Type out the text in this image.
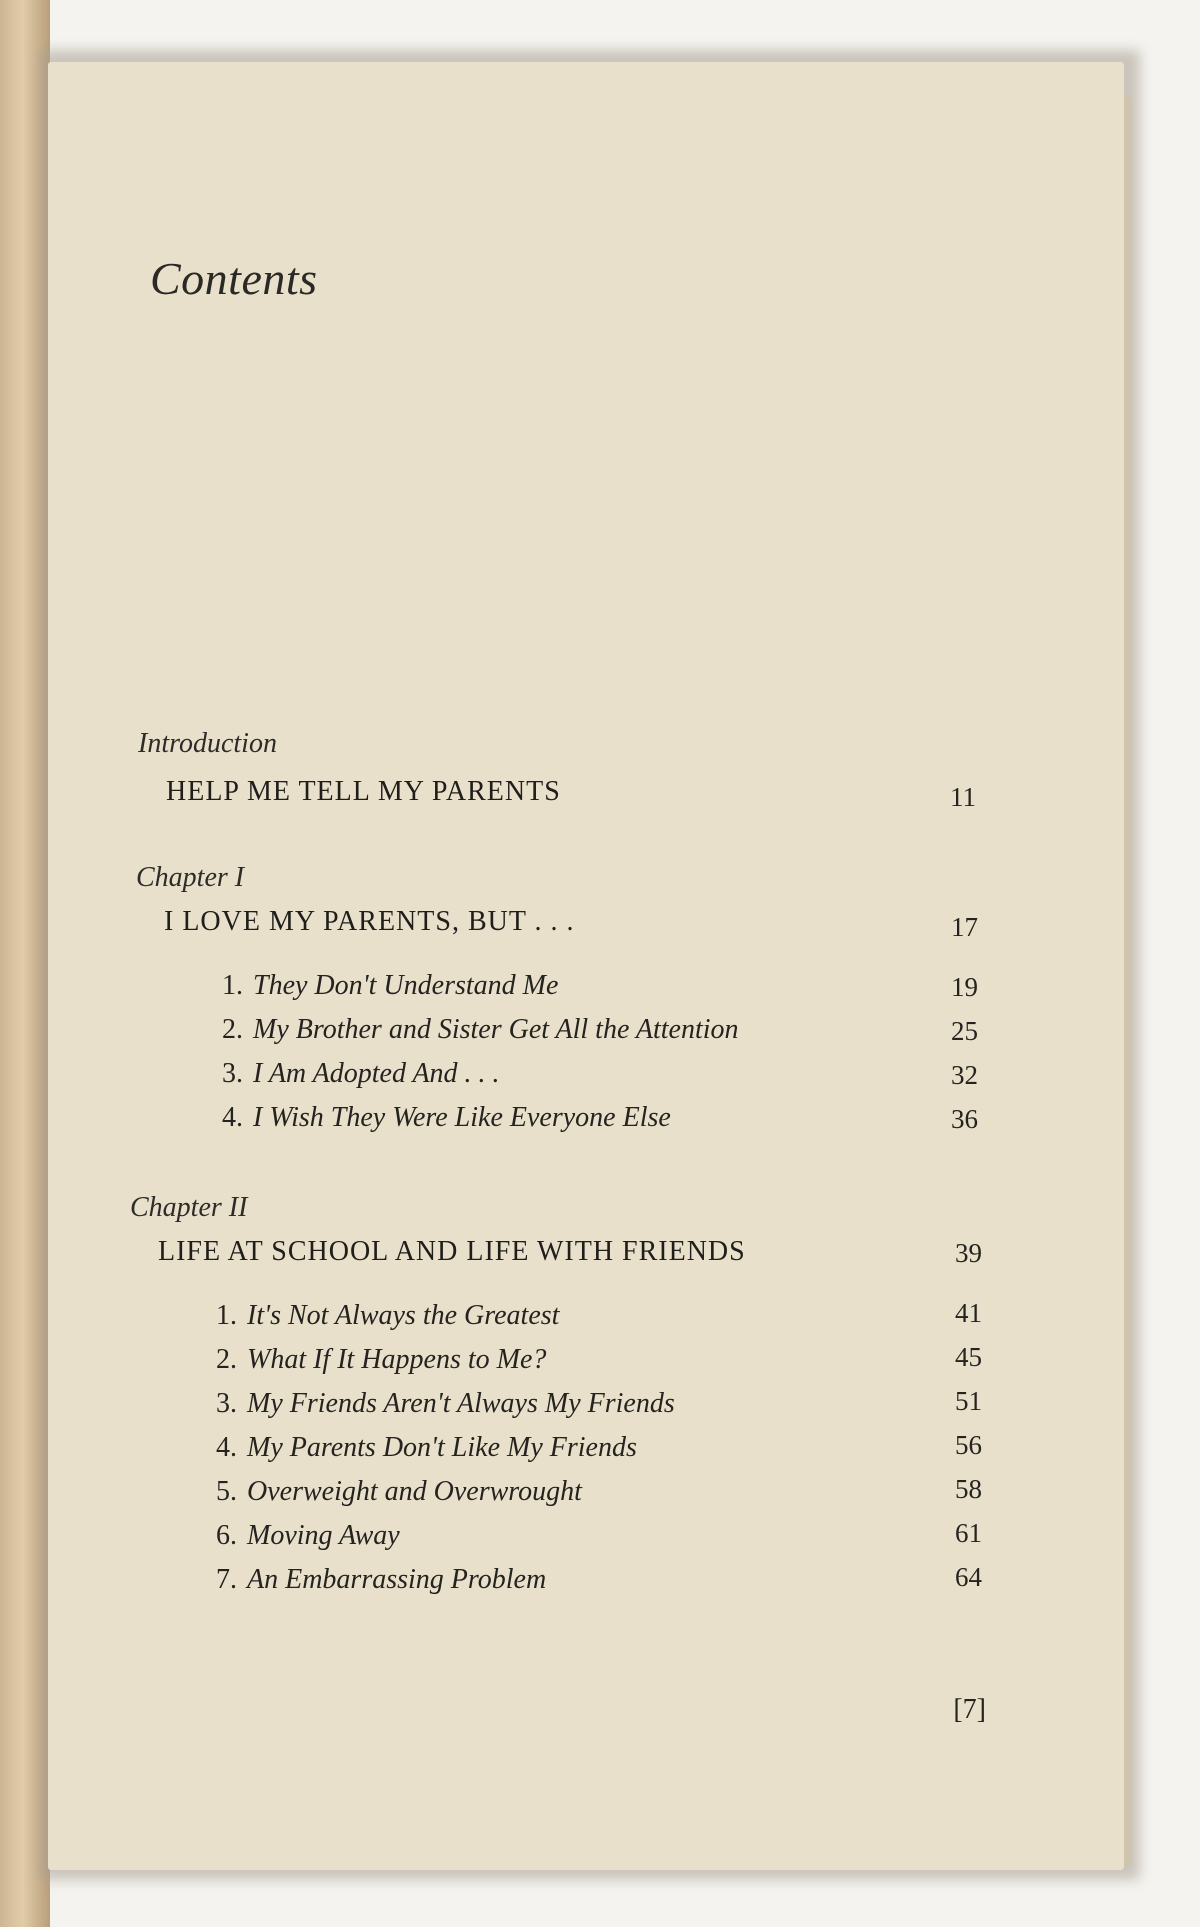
Contents
Introduction
HELP ME TELL MY PARENTS	11
Chapter I
I LOVE MY PARENTS, BUT . . .	17
1. They Don't Understand Me	19
2. My Brother and Sister Get All the Attention	25
3. I Am Adopted And . . .	32
4. I Wish They Were Like Everyone Else	36
Chapter II
LIFE AT SCHOOL AND LIFE WITH FRIENDS	39
1. It's Not Always the Greatest	41
2. What If It Happens to Me?	45
3. My Friends Aren't Always My Friends	51
4. My Parents Don't Like My Friends	56
5. Overweight and Overwrought	58
6. Moving Away	61
7. An Embarrassing Problem	64
[7]
